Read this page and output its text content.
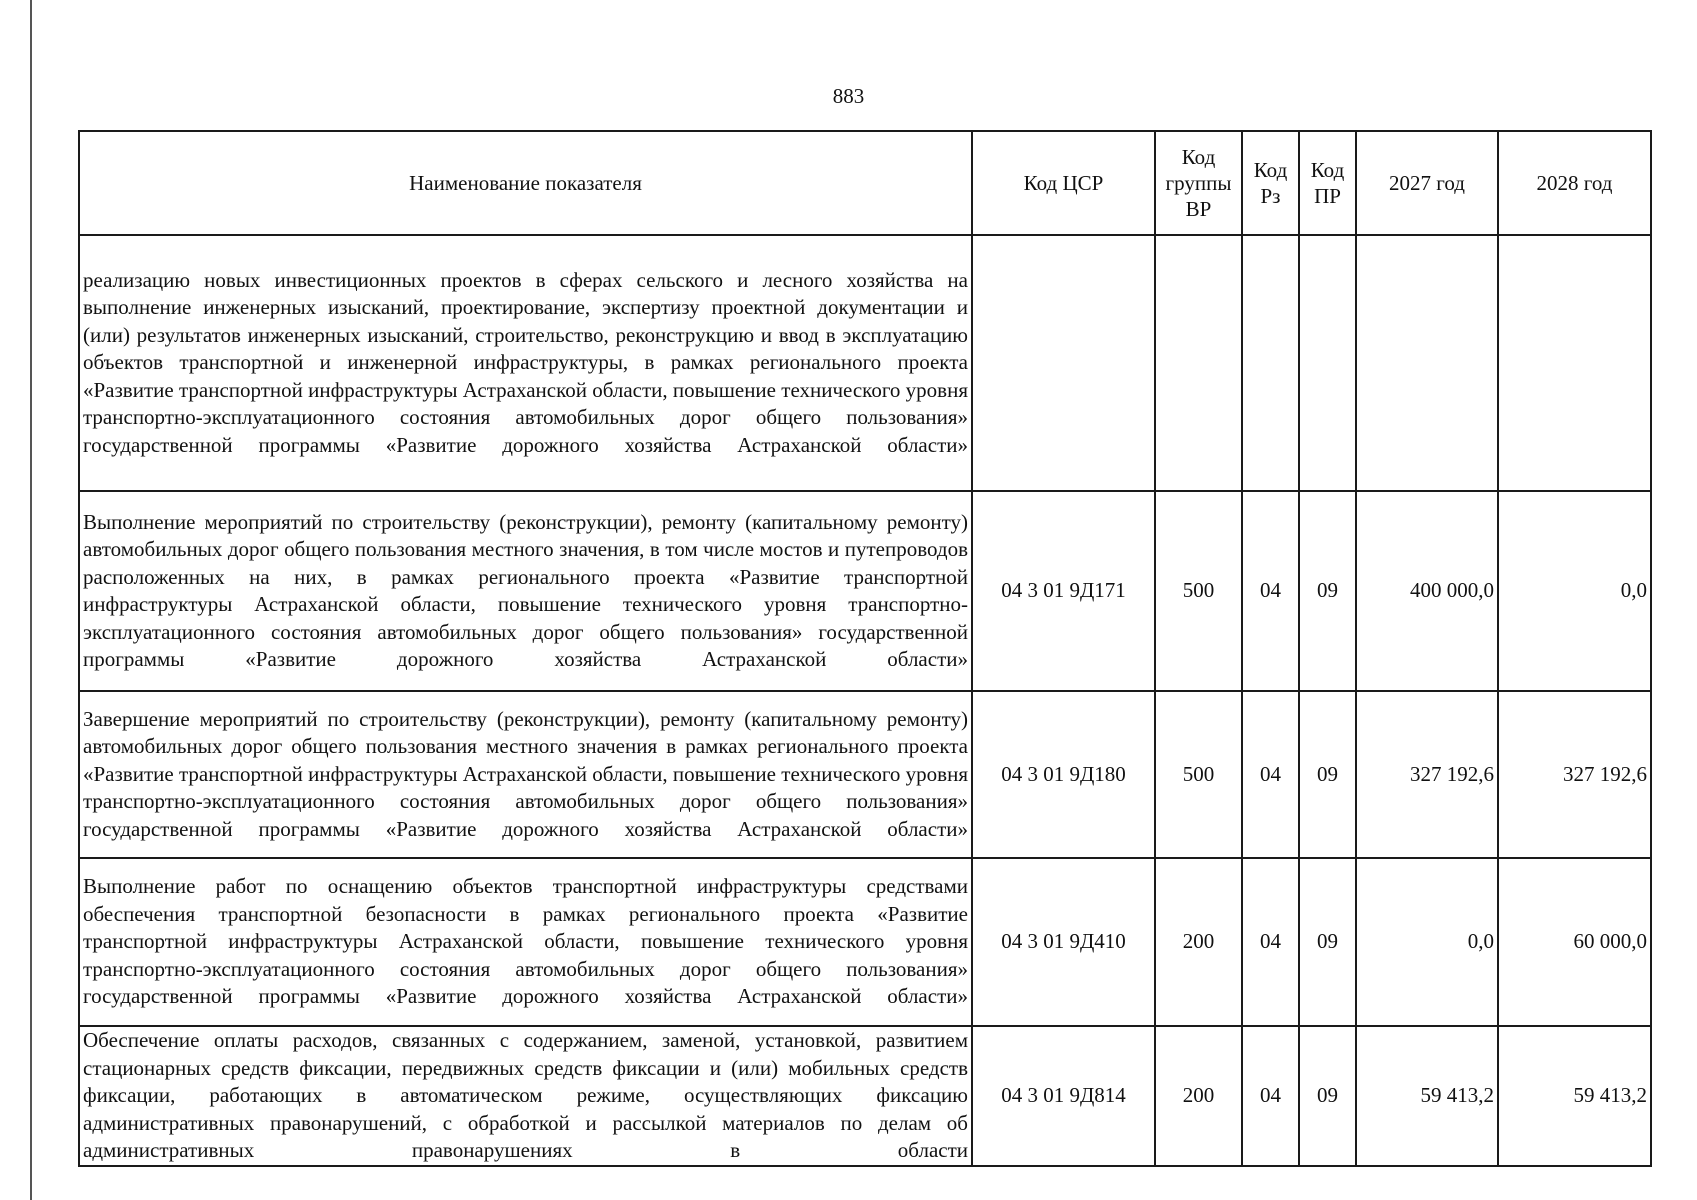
883
Наименование показателя	Код ЦСР	Код группы ВР	Код Рз	Код ПР	2027 год	2028 год
реализацию новых инвестиционных проектов в сферах сельского и лесного хозяйства на выполнение инженерных изысканий, проектирование, экспертизу проектной документации и (или) результатов инженерных изысканий, строительство, реконструкцию и ввод в эксплуатацию объектов транспортной и инженерной инфраструктуры, в рамках регионального проекта «Развитие транспортной инфраструктуры Астраханской области, повышение технического уровня транспортно-эксплуатационного состояния автомобильных дорог общего пользования» государственной программы «Развитие дорожного хозяйства Астраханской области»						
Выполнение мероприятий по строительству (реконструкции), ремонту (капитальному ремонту) автомобильных дорог общего пользования местного значения, в том числе мостов и путепроводов расположенных на них, в рамках регионального проекта «Развитие транспортной инфраструктуры Астраханской области, повышение технического уровня транспортно-эксплуатационного состояния автомобильных дорог общего пользования» государственной программы «Развитие дорожного хозяйства Астраханской области»	04 3 01 9Д171	500	04	09	400 000,0	0,0
Завершение мероприятий по строительству (реконструкции), ремонту (капитальному ремонту) автомобильных дорог общего пользования местного значения в рамках регионального проекта «Развитие транспортной инфраструктуры Астраханской области, повышение технического уровня транспортно-эксплуатационного состояния автомобильных дорог общего пользования» государственной программы «Развитие дорожного хозяйства Астраханской области»	04 3 01 9Д180	500	04	09	327 192,6	327 192,6
Выполнение работ по оснащению объектов транспортной инфраструктуры средствами обеспечения транспортной безопасности в рамках регионального проекта «Развитие транспортной инфраструктуры Астраханской области, повышение технического уровня транспортно-эксплуатационного состояния автомобильных дорог общего пользования» государственной программы «Развитие дорожного хозяйства Астраханской области»	04 3 01 9Д410	200	04	09	0,0	60 000,0
Обеспечение оплаты расходов, связанных с содержанием, заменой, установкой, развитием стационарных средств фиксации, передвижных средств фиксации и (или) мобильных средств фиксации, работающих в автоматическом режиме, осуществляющих фиксацию административных правонарушений, с обработкой и рассылкой материалов по делам об административных правонарушениях в области	04 3 01 9Д814	200	04	09	59 413,2	59 413,2
